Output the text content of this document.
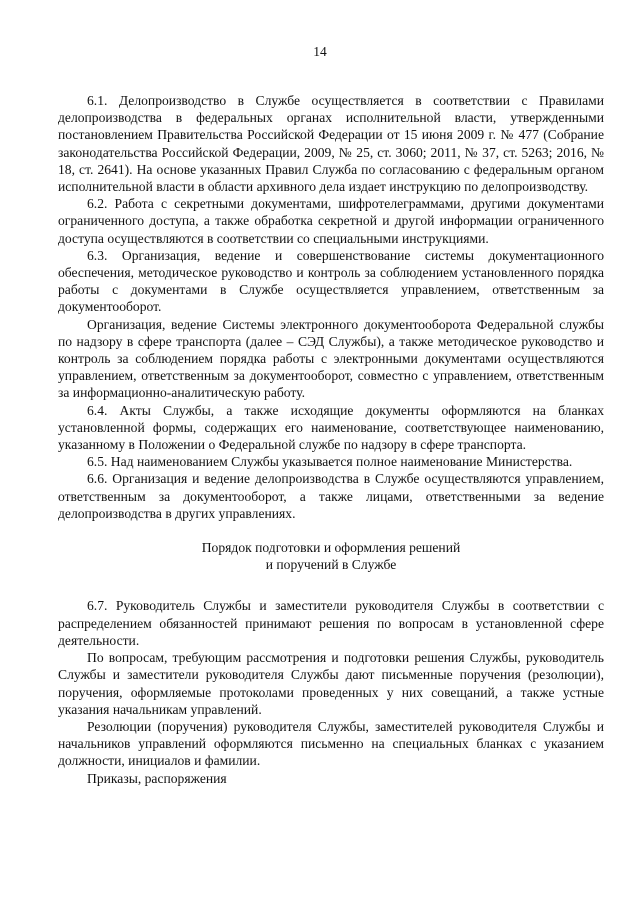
14

6.1. Делопроизводство в Службе осуществляется в соответствии с Правилами делопроизводства в федеральных органах исполнительной власти, утвержденными постановлением Правительства Российской Федерации от 15 июня 2009 г. № 477 (Собрание законодательства Российской Федерации, 2009, № 25, ст. 3060; 2011, № 37, ст. 5263; 2016, № 18, ст. 2641). На основе указанных Правил Служба по согласованию с федеральным органом исполнительной власти в области архивного дела издает инструкцию по делопроизводству.

6.2. Работа с секретными документами, шифротелеграммами, другими документами ограниченного доступа, а также обработка секретной и другой информации ограниченного доступа осуществляются в соответствии со специальными инструкциями.

6.3. Организация, ведение и совершенствование системы документационного обеспечения, методическое руководство и контроль за соблюдением установленного порядка работы с документами в Службе осуществляется управлением, ответственным за документооборот.

Организация, ведение Системы электронного документооборота Федеральной службы по надзору в сфере транспорта (далее – СЭД Службы), а также методическое руководство и контроль за соблюдением порядка работы с электронными документами осуществляются управлением, ответственным за документооборот, совместно с управлением, ответственным за информационно-аналитическую работу.

6.4. Акты Службы, а также исходящие документы оформляются на бланках установленной формы, содержащих его наименование, соответствующее наименованию, указанному в Положении о Федеральной службе по надзору в сфере транспорта.

6.5. Над наименованием Службы указывается полное наименование Министерства.

6.6. Организация и ведение делопроизводства в Службе осуществляются управлением, ответственным за документооборот, а также лицами, ответственными за ведение делопроизводства в других управлениях.

Порядок подготовки и оформления решений
и поручений в Службе

6.7. Руководитель Службы и заместители руководителя Службы в соответствии с распределением обязанностей принимают решения по вопросам в установленной сфере деятельности.

По вопросам, требующим рассмотрения и подготовки решения Службы, руководитель Службы и заместители руководителя Службы дают письменные поручения (резолюции), поручения, оформляемые протоколами проведенных у них совещаний, а также устные указания начальникам управлений.

Резолюции (поручения) руководителя Службы, заместителей руководителя Службы и начальников управлений оформляются письменно на специальных бланках с указанием должности, инициалов и фамилии.

Приказы, распоряжения
